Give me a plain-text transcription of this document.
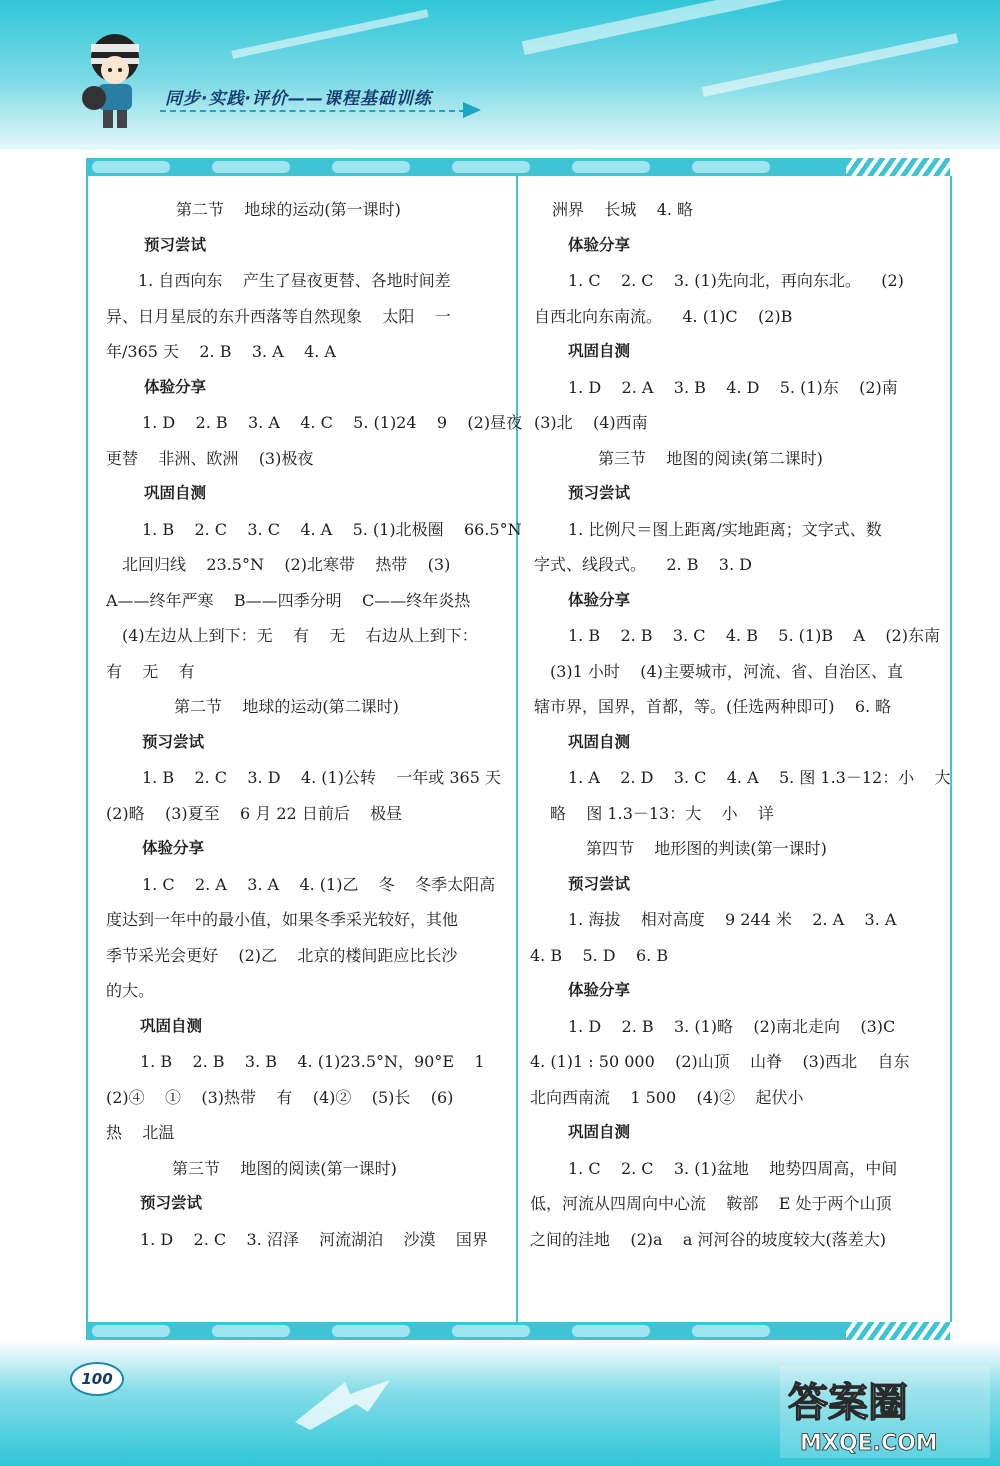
同步·实践·评价——课程基础训练
第二节    地球的运动(第一课时)
预习尝试
1. 自西向东    产生了昼夜更替、各地时间差
异、日月星辰的东升西落等自然现象    太阳    一
年/365 天    2. B    3. A    4. A
体验分享
1. D    2. B    3. A    4. C    5. (1)24    9    (2)昼夜
更替    非洲、欧洲    (3)极夜
巩固自测
1. B    2. C    3. C    4. A    5. (1)北极圈    66.5°N
北回归线    23.5°N    (2)北寒带    热带    (3)
A——终年严寒    B——四季分明    C——终年炎热
(4)左边从上到下：无    有    无    右边从上到下：
有    无    有
第二节    地球的运动(第二课时)
预习尝试
1. B    2. C    3. D    4. (1)公转    一年或 365 天
(2)略    (3)夏至    6 月 22 日前后    极昼
体验分享
1. C    2. A    3. A    4. (1)乙    冬    冬季太阳高
度达到一年中的最小值，如果冬季采光较好，其他
季节采光会更好    (2)乙    北京的楼间距应比长沙
的大。
巩固自测
1. B    2. B    3. B    4. (1)23.5°N，90°E    1
(2)④    ①    (3)热带    有    (4)②    (5)长    (6)
热    北温
第三节    地图的阅读(第一课时)
预习尝试
1. D    2. C    3. 沼泽    河流湖泊    沙漠    国界
洲界    长城    4. 略
体验分享
1. C    2. C    3. (1)先向北，再向东北。    (2)
自西北向东南流。    4. (1)C    (2)B
巩固自测
1. D    2. A    3. B    4. D    5. (1)东    (2)南
(3)北    (4)西南
第三节    地图的阅读(第二课时)
预习尝试
1. 比例尺＝图上距离/实地距离；文字式、数
字式、线段式。    2. B    3. D
体验分享
1. B    2. B    3. C    4. B    5. (1)B    A    (2)东南
(3)1 小时    (4)主要城市，河流、省、自治区、直
辖市界，国界，首都，等。(任选两种即可)    6. 略
巩固自测
1. A    2. D    3. C    4. A    5. 图 1.3－12：小    大
略    图 1.3－13：大    小    详
第四节    地形图的判读(第一课时)
预习尝试
1. 海拔    相对高度    9 244 米    2. A    3. A
4. B    5. D    6. B
体验分享
1. D    2. B    3. (1)略    (2)南北走向    (3)C
4. (1)1 : 50 000    (2)山顶    山脊    (3)西北    自东
北向西南流    1 500    (4)②    起伏小
巩固自测
1. C    2. C    3. (1)盆地    地势四周高，中间
低，河流从四周向中心流    鞍部    E 处于两个山顶
之间的洼地    (2)a    a 河河谷的坡度较大(落差大)
100
答案圈
MXQE.COM
